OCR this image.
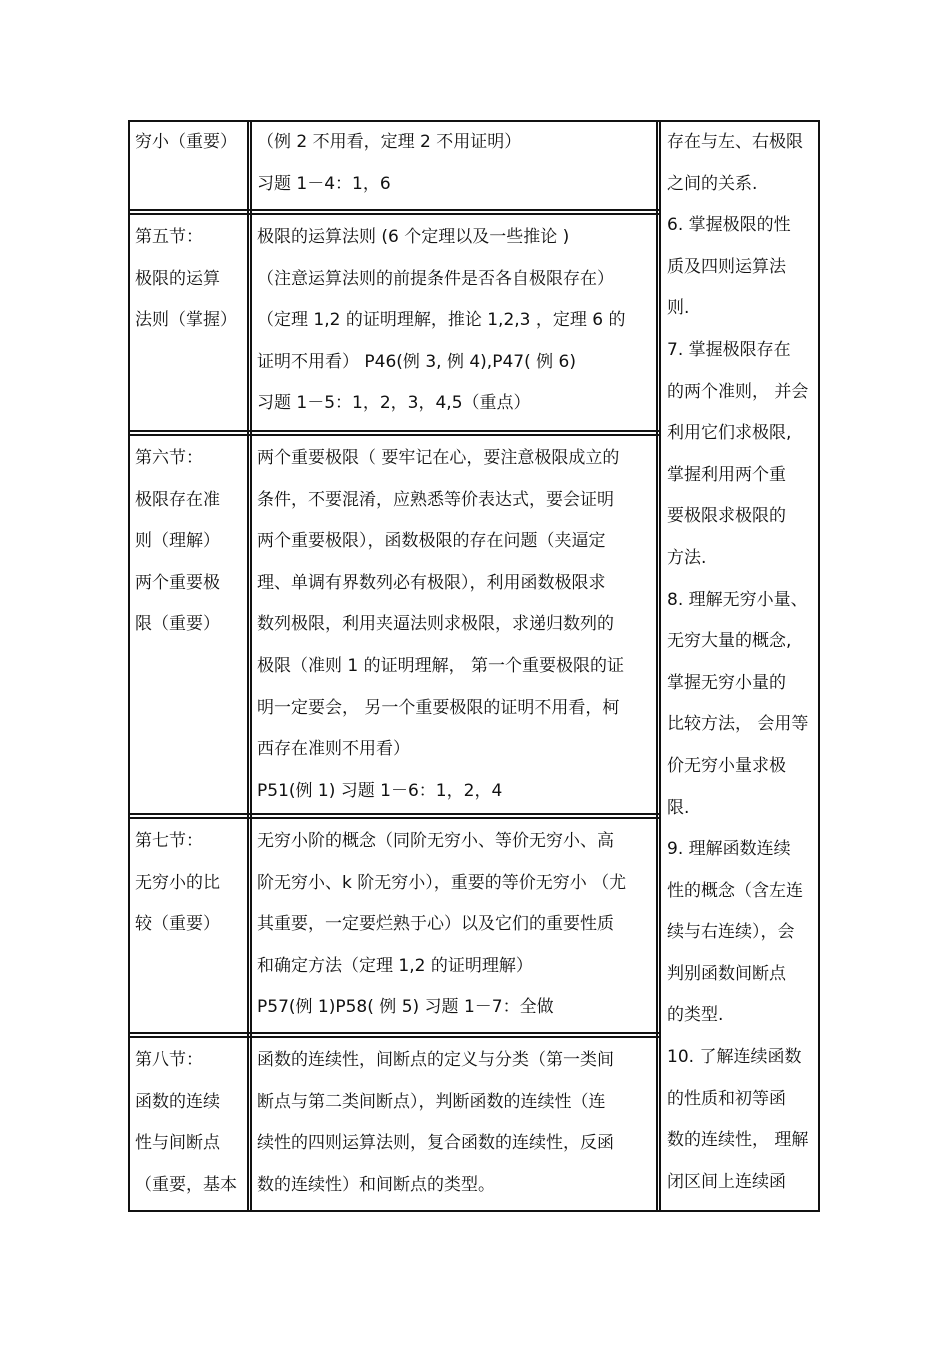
穷小（重要）	（例 2 不用看，定理 2 不用证明）
习题 1－4：1，6
第五节：
极限的运算
法则（掌握）
极限的运算法则 (6 个定理以及一些推论 )
（注意运算法则的前提条件是否各自极限存在）
（定理 1,2 的证明理解，推论 1,2,3 ，定理 6 的
证明不用看） P46(例 3, 例 4),P47( 例 6)
习题 1－5：1，2，3，4,5（重点）
第六节：
极限存在准
则（理解）
两个重要极
限（重要）
两个重要极限（ 要牢记在心，要注意极限成立的
条件，不要混淆，应熟悉等价表达式，要会证明
两个重要极限），函数极限的存在问题（夹逼定
理、单调有界数列必有极限），利用函数极限求
数列极限，利用夹逼法则求极限，求递归数列的
极限（准则 1 的证明理解， 第一个重要极限的证
明一定要会， 另一个重要极限的证明不用看，柯
西存在准则不用看）
P51(例 1) 习题 1－6：1，2，4
第七节：
无穷小的比
较（重要）
无穷小阶的概念（同阶无穷小、等价无穷小、高
阶无穷小、k 阶无穷小），重要的等价无穷小 （尤
其重要，一定要烂熟于心）以及它们的重要性质
和确定方法（定理 1,2 的证明理解）
P57(例 1)P58( 例 5) 习题 1－7：全做
第八节：
函数的连续
性与间断点
（重要，基本
函数的连续性，间断点的定义与分类（第一类间
断点与第二类间断点），判断函数的连续性（连
续性的四则运算法则，复合函数的连续性，反函
数的连续性）和间断点的类型。
存在与左、右极限
之间的关系.
6. 掌握极限的性
质及四则运算法
则.
7. 掌握极限存在
的两个准则， 并会
利用它们求极限,
掌握利用两个重
要极限求极限的
方法.
8. 理解无穷小量、
无穷大量的概念,
掌握无穷小量的
比较方法， 会用等
价无穷小量求极
限.
9. 理解函数连续
性的概念（含左连
续与右连续），会
判别函数间断点
的类型.
10. 了解连续函数
的性质和初等函
数的连续性， 理解
闭区间上连续函
